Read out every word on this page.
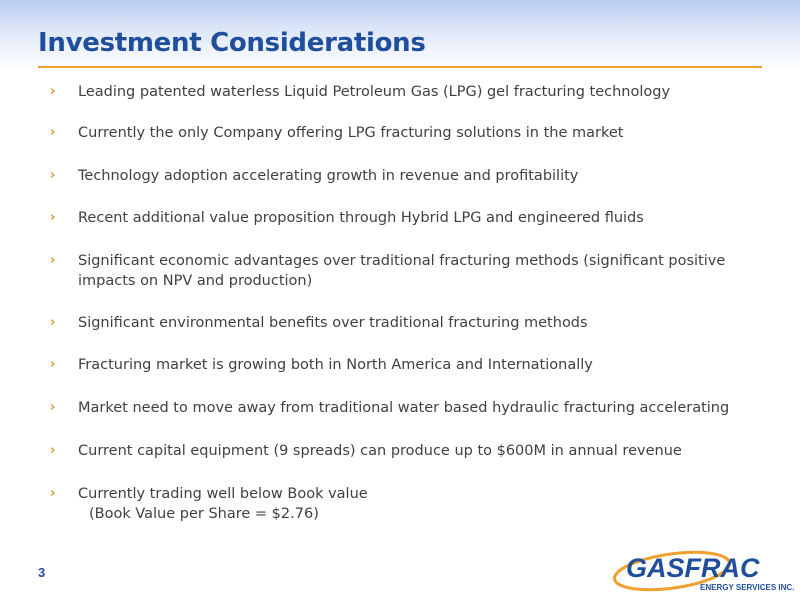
Investment Considerations
›	Leading patented waterless Liquid Petroleum Gas (LPG) gel fracturing technology
›	Currently the only Company offering LPG fracturing solutions in the market
›	Technology adoption accelerating growth in revenue and profitability
›	Recent additional value proposition through Hybrid LPG and engineered fluids
›	Significant economic advantages over traditional fracturing methods (significant positive impacts on NPV and production)
›	Significant environmental benefits over traditional fracturing methods
›	Fracturing market is growing both in North America and Internationally
›	Market need to move away from traditional water based hydraulic fracturing accelerating
›	Current capital equipment (9 spreads) can produce up to $600M in annual revenue
›	Currently trading well below Book value
(Book Value per Share = $2.76)
3	GASFRAC
ENERGY SERVICES INC.
